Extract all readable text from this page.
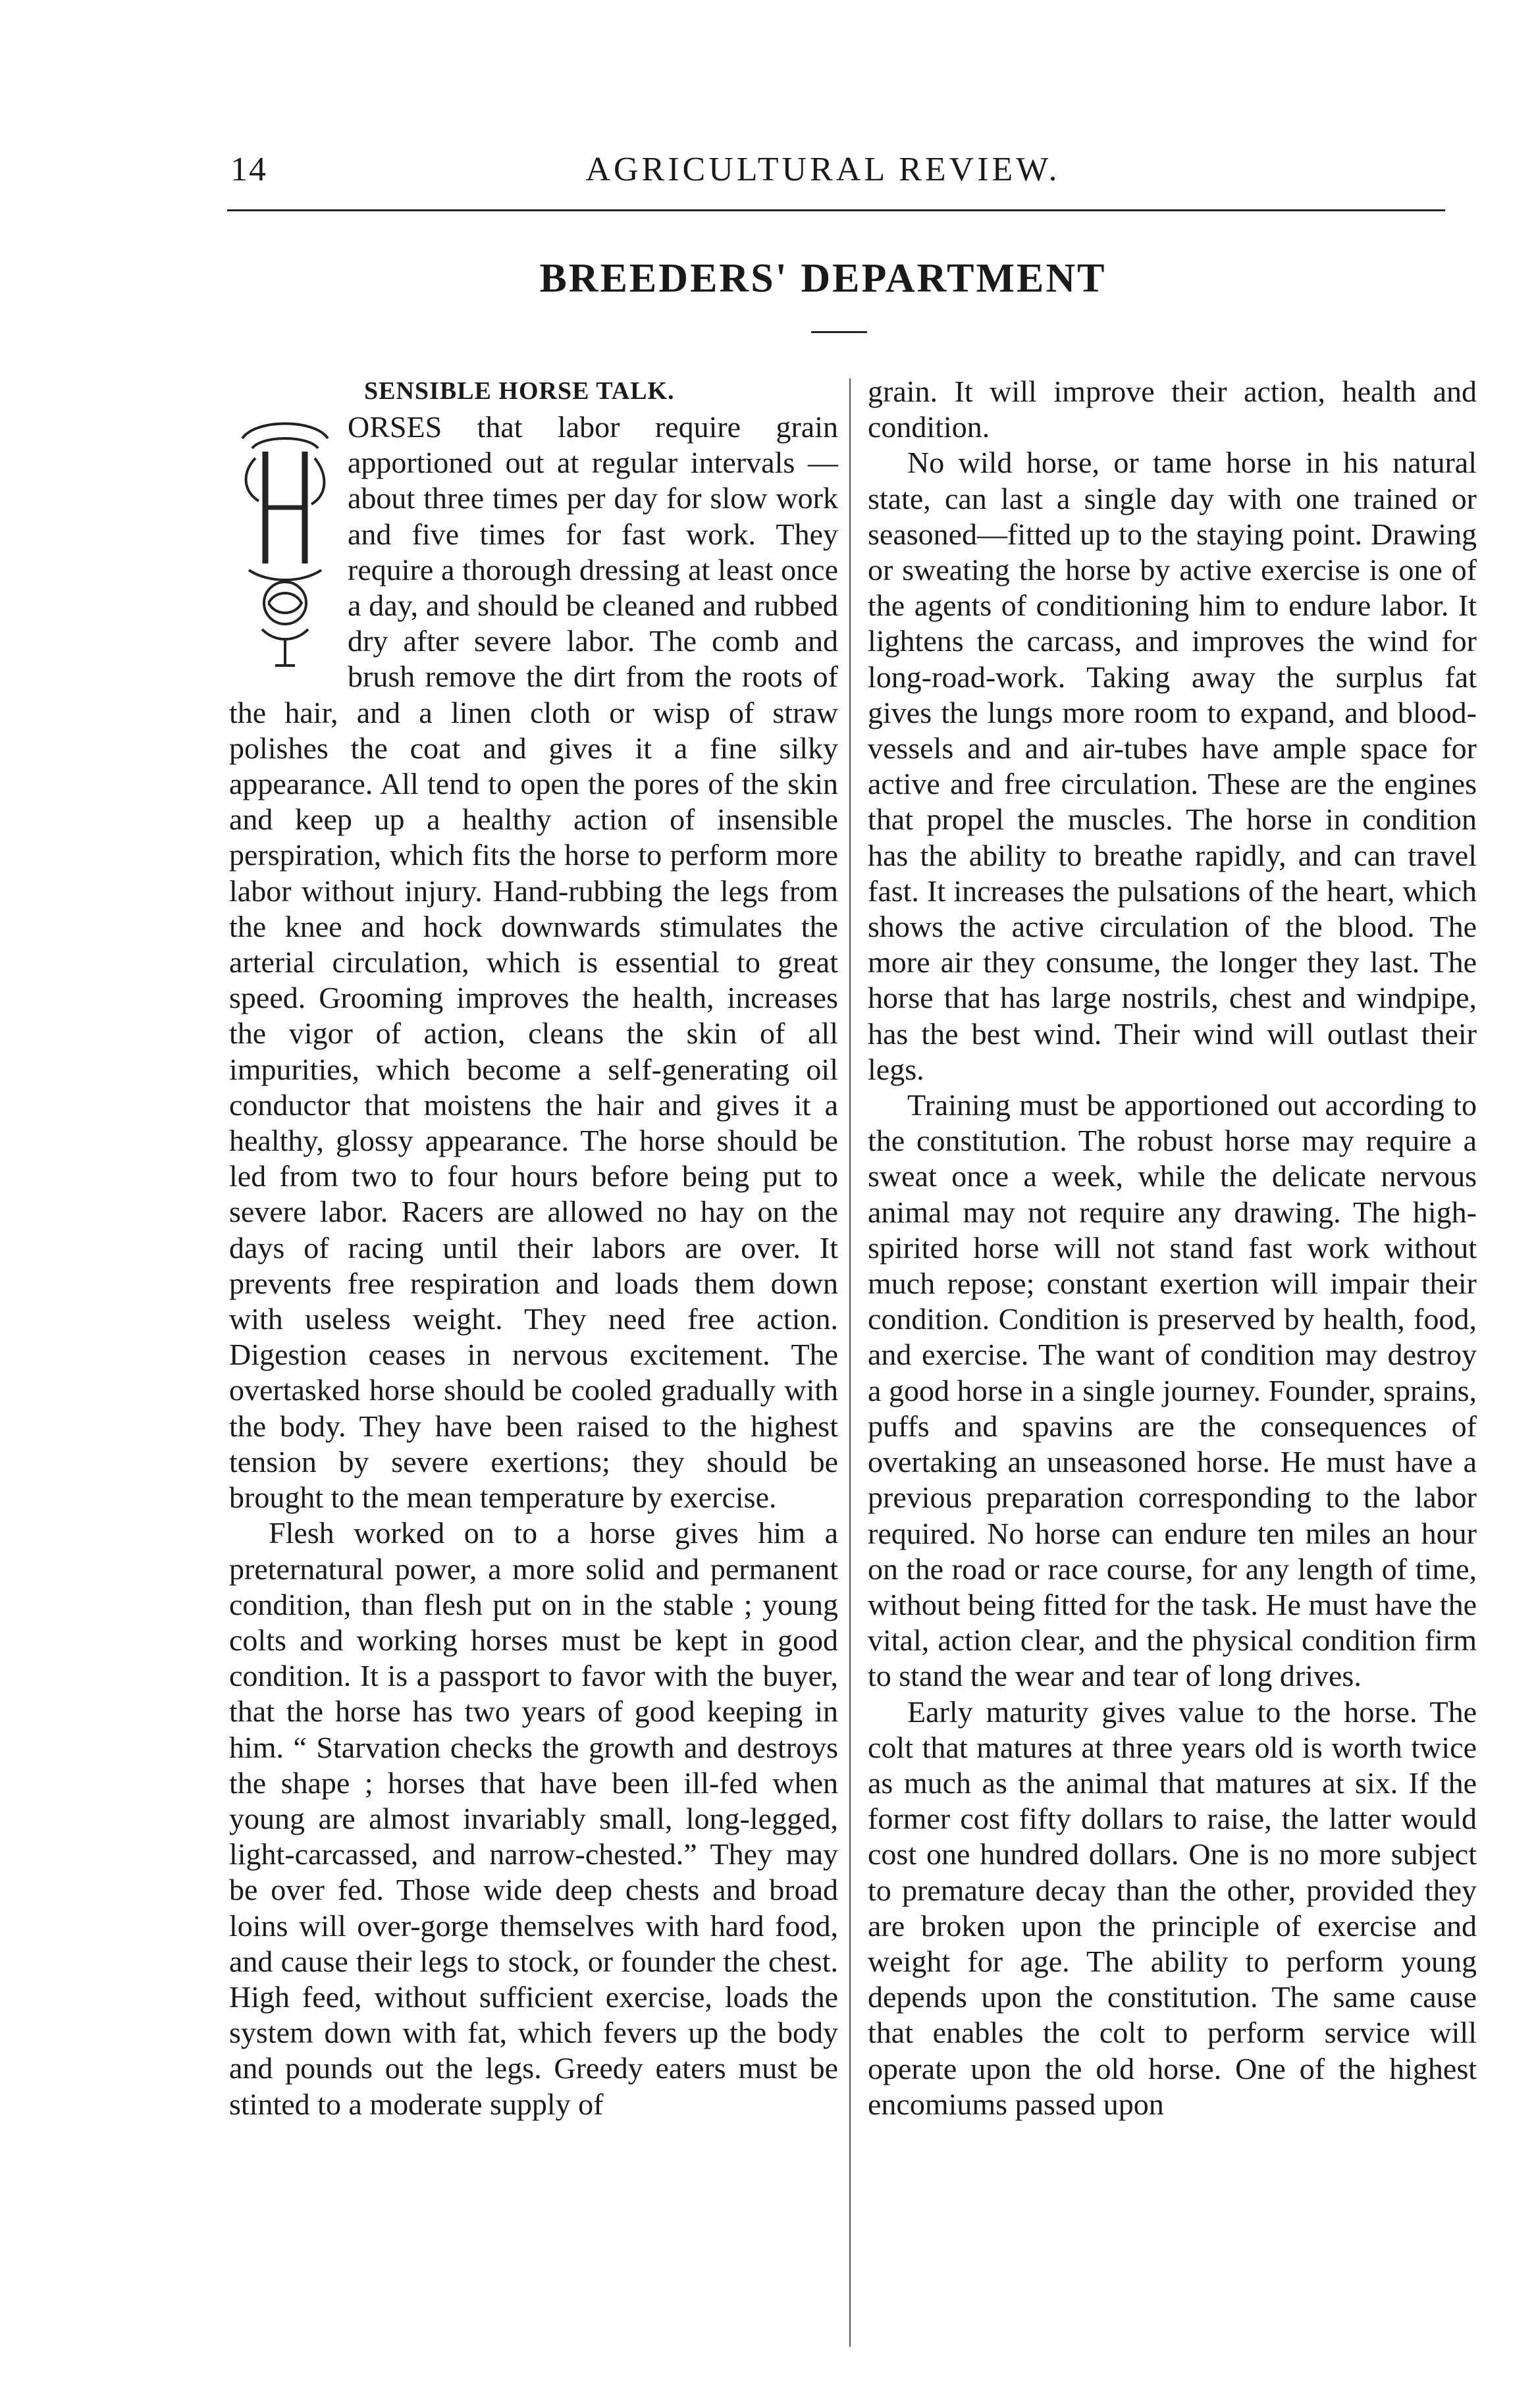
14	AGRICULTURAL REVIEW.
BREEDERS' DEPARTMENT
SENSIBLE HORSE TALK.

ORSES that labor require grain apportioned out at regular intervals —about three times per day for slow work and five times for fast work. They require a thorough dressing at least once a day, and should be cleaned and rubbed dry after severe labor. The comb and brush remove the dirt from the roots of the hair, and a linen cloth or wisp of straw polishes the coat and gives it a fine silky appearance. All tend to open the pores of the skin and keep up a healthy action of insensible perspiration, which fits the horse to perform more labor without injury. Hand-rubbing the legs from the knee and hock downwards stimulates the arterial circulation, which is essential to great speed. Grooming improves the health, increases the vigor of action, cleans the skin of all impurities, which become a self-generating oil conductor that moistens the hair and gives it a healthy, glossy appearance. The horse should be led from two to four hours before being put to severe labor. Racers are allowed no hay on the days of racing until their labors are over. It prevents free respiration and loads them down with useless weight. They need free action. Digestion ceases in nervous excitement. The overtasked horse should be cooled gradually with the body. They have been raised to the highest tension by severe exertions; they should be brought to the mean temperature by exercise.

Flesh worked on to a horse gives him a preternatural power, a more solid and permanent condition, than flesh put on in the stable ; young colts and working horses must be kept in good condition. It is a passport to favor with the buyer, that the horse has two years of good keeping in him. “ Starvation checks the growth and destroys the shape ; horses that have been ill-fed when young are almost invariably small, long-legged, light-carcassed, and narrow-chested.” They may be over fed. Those wide deep chests and broad loins will over-gorge themselves with hard food, and cause their legs to stock, or founder the chest. High feed, without sufficient exercise, loads the system down with fat, which fevers up the body and pounds out the legs. Greedy eaters must be stinted to a moderate supply of

grain. It will improve their action, health and condition.

No wild horse, or tame horse in his natural state, can last a single day with one trained or seasoned—fitted up to the staying point. Drawing or sweating the horse by active exercise is one of the agents of conditioning him to endure labor. It lightens the carcass, and improves the wind for long-road-work. Taking away the surplus fat gives the lungs more room to expand, and blood-vessels and and air-tubes have ample space for active and free circulation. These are the engines that propel the muscles. The horse in condition has the ability to breathe rapidly, and can travel fast. It increases the pulsations of the heart, which shows the active circulation of the blood. The more air they consume, the longer they last. The horse that has large nostrils, chest and windpipe, has the best wind. Their wind will outlast their legs.

Training must be apportioned out according to the constitution. The robust horse may require a sweat once a week, while the delicate nervous animal may not require any drawing. The high-spirited horse will not stand fast work without much repose; constant exertion will impair their condition. Condition is preserved by health, food, and exercise. The want of condition may destroy a good horse in a single journey. Founder, sprains, puffs and spavins are the consequences of overtaking an unseasoned horse. He must have a previous preparation corresponding to the labor required. No horse can endure ten miles an hour on the road or race course, for any length of time, without being fitted for the task. He must have the vital, action clear, and the physical condition firm to stand the wear and tear of long drives.

Early maturity gives value to the horse. The colt that matures at three years old is worth twice as much as the animal that matures at six. If the former cost fifty dollars to raise, the latter would cost one hundred dollars. One is no more subject to premature decay than the other, provided they are broken upon the principle of exercise and weight for age. The ability to perform young depends upon the constitution. The same cause that enables the colt to perform service will operate upon the old horse. One of the highest encomiums passed upon
